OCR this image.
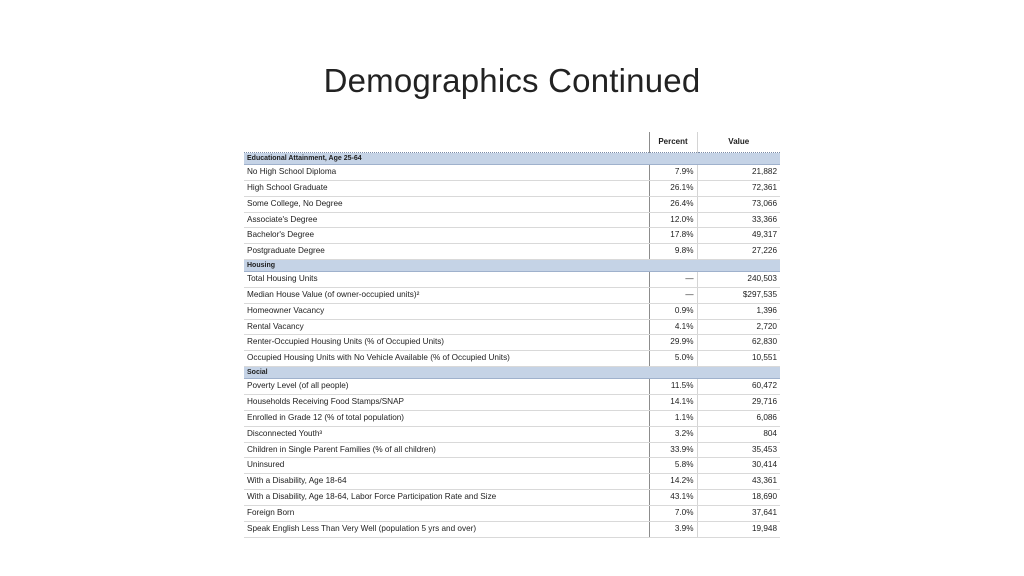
Demographics Continued
	Percent	Value
Educational Attainment, Age 25-64		
No High School Diploma	7.9%	21,882
High School Graduate	26.1%	72,361
Some College, No Degree	26.4%	73,066
Associate's Degree	12.0%	33,366
Bachelor's Degree	17.8%	49,317
Postgraduate Degree	9.8%	27,226
Housing		
Total Housing Units	—	240,503
Median House Value (of owner-occupied units)²	—	$297,535
Homeowner Vacancy	0.9%	1,396
Rental Vacancy	4.1%	2,720
Renter-Occupied Housing Units (% of Occupied Units)	29.9%	62,830
Occupied Housing Units with No Vehicle Available (% of Occupied Units)	5.0%	10,551
Social		
Poverty Level (of all people)	11.5%	60,472
Households Receiving Food Stamps/SNAP	14.1%	29,716
Enrolled in Grade 12 (% of total population)	1.1%	6,086
Disconnected Youth³	3.2%	804
Children in Single Parent Families (% of all children)	33.9%	35,453
Uninsured	5.8%	30,414
With a Disability, Age 18-64	14.2%	43,361
With a Disability, Age 18-64, Labor Force Participation Rate and Size	43.1%	18,690
Foreign Born	7.0%	37,641
Speak English Less Than Very Well (population 5 yrs and over)	3.9%	19,948
